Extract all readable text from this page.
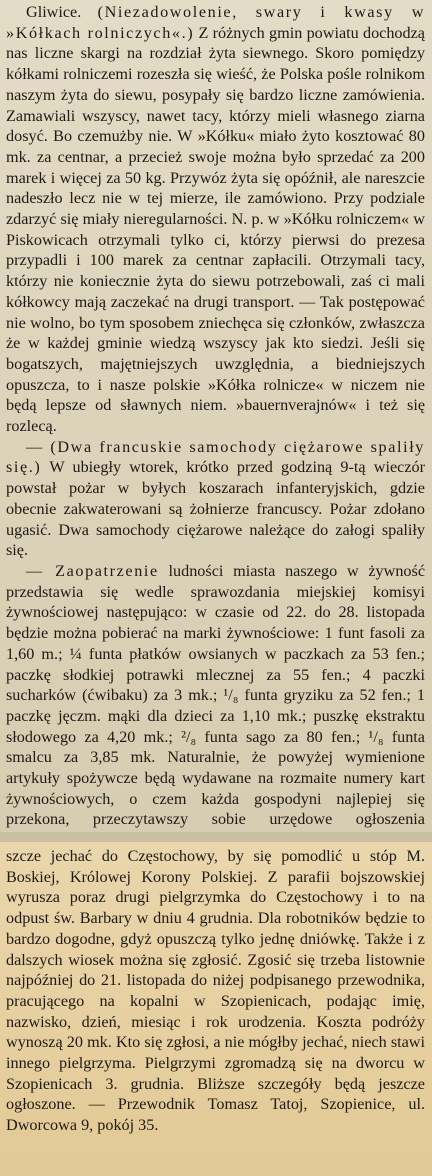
Gliwice. (Niezadowolenie, swary i kwasy w »Kółkach rolniczych«.) Z różnych gmin powiatu dochodzą nas liczne skargi na rozdział żyta siewnego. Skoro pomiędzy kółkami rolniczemi rozeszła się wieść, że Polska pośle rolnikom naszym żyta do siewu, posypały się bardzo liczne zamówienia. Zamawiali wszyscy, nawet tacy, którzy mieli własnego ziarna dosyć. Bo czemużby nie. W »Kółku« miało żyto kosztować 80 mk. za centnar, a przecież swoje można było sprzedać za 200 marek i więcej za 50 kg. Przywóz żyta się opóźnił, ale nareszcie nadeszło lecz nie w tej mierze, ile zamówiono. Przy podziale zdarzyć się miały nieregularności. N. p. w »Kółku rolniczem« w Piskowicach otrzymali tylko ci, którzy pierwsi do prezesa przypadli i 100 marek za centnar zapłacili. Otrzymali tacy, którzy nie koniecznie żyta do siewu potrzebowali, zaś ci mali kółkowcy mają zaczekać na drugi transport. — Tak postępować nie wolno, bo tym sposobem zniechęca się członków, zwłaszcza że w każdej gminie wiedzą wszyscy jak kto siedzi. Jeśli się bogatszych, majętniejszych uwzględnia, a biedniejszych opuszcza, to i nasze polskie »Kółka rolnicze« w niczem nie będą lepsze od sławnych niem. »bauernverajnów« i też się rozlecą.

— (Dwa francuskie samochody ciężarowe spaliły się.) W ubiegły wtorek, krótko przed godziną 9-tą wieczór powstał pożar w byłych koszarach infanteryjskich, gdzie obecnie zakwaterowani są żołnierze francuscy. Pożar zdołano ugasić. Dwa samochody ciężarowe należące do załogi spaliły się.

— Zaopatrzenie ludności miasta naszego w żywność przedstawia się wedle sprawozdania miejskiej komisyi żywnościowej następująco: w czasie od 22. do 28. listopada będzie można pobierać na marki żywnościowe: 1 funt fasoli za 1,60 m.; ¼ funta płatków owsianych w paczkach za 53 fen.; paczkę słodkiej potrawki mlecznej za 55 fen.; 4 paczki sucharków (ćwibaku) za 3 mk.; ¹/₈ funta gryziku za 52 fen.; 1 paczkę jęczm. mąki dla dzieci za 1,10 mk.; puszkę ekstraktu słodowego za 4,20 mk.; ²/₈ funta sago za 80 fen.; ¹/₈ funta smalcu za 3,85 mk. Naturalnie, że powyżej wymienione artykuły spożywcze będą wydawane na rozmaite numery kart żywnościowych, o czem każda gospodyni najlepiej się przekona, przeczytawszy sobie urzędowe ogłoszenia

szcze jechać do Częstochowy, by się pomodlić u stóp M. Boskiej, Królowej Korony Polskiej. Z parafii bojszowskiej wyrusza poraz drugi pielgrzymka do Częstochowy i to na odpust św. Barbary w dniu 4 grudnia. Dla robotników będzie to bardzo dogodne, gdyż opuszczą tylko jednę dniówkę. Także i z dalszych wiosek można się zgłosić. Zgosić się trzeba listownie najpóźniej do 21. listopada do niżej podpisanego przewodnika, pracującego na kopalni w Szopienicach, podając imię, nazwisko, dzień, miesiąc i rok urodzenia. Koszta podróży wynoszą 20 mk. Kto się zgłosi, a nie mógłby jechać, niech stawi innego pielgrzyma. Pielgrzymi zgromadzą się na dworcu w Szopienicach 3. grudnia. Bliższe szczegóły będą jeszcze ogłoszone. — Przewodnik Tomasz Tatoj, Szopienice, ul. Dworcowa 9, pokój 35.
